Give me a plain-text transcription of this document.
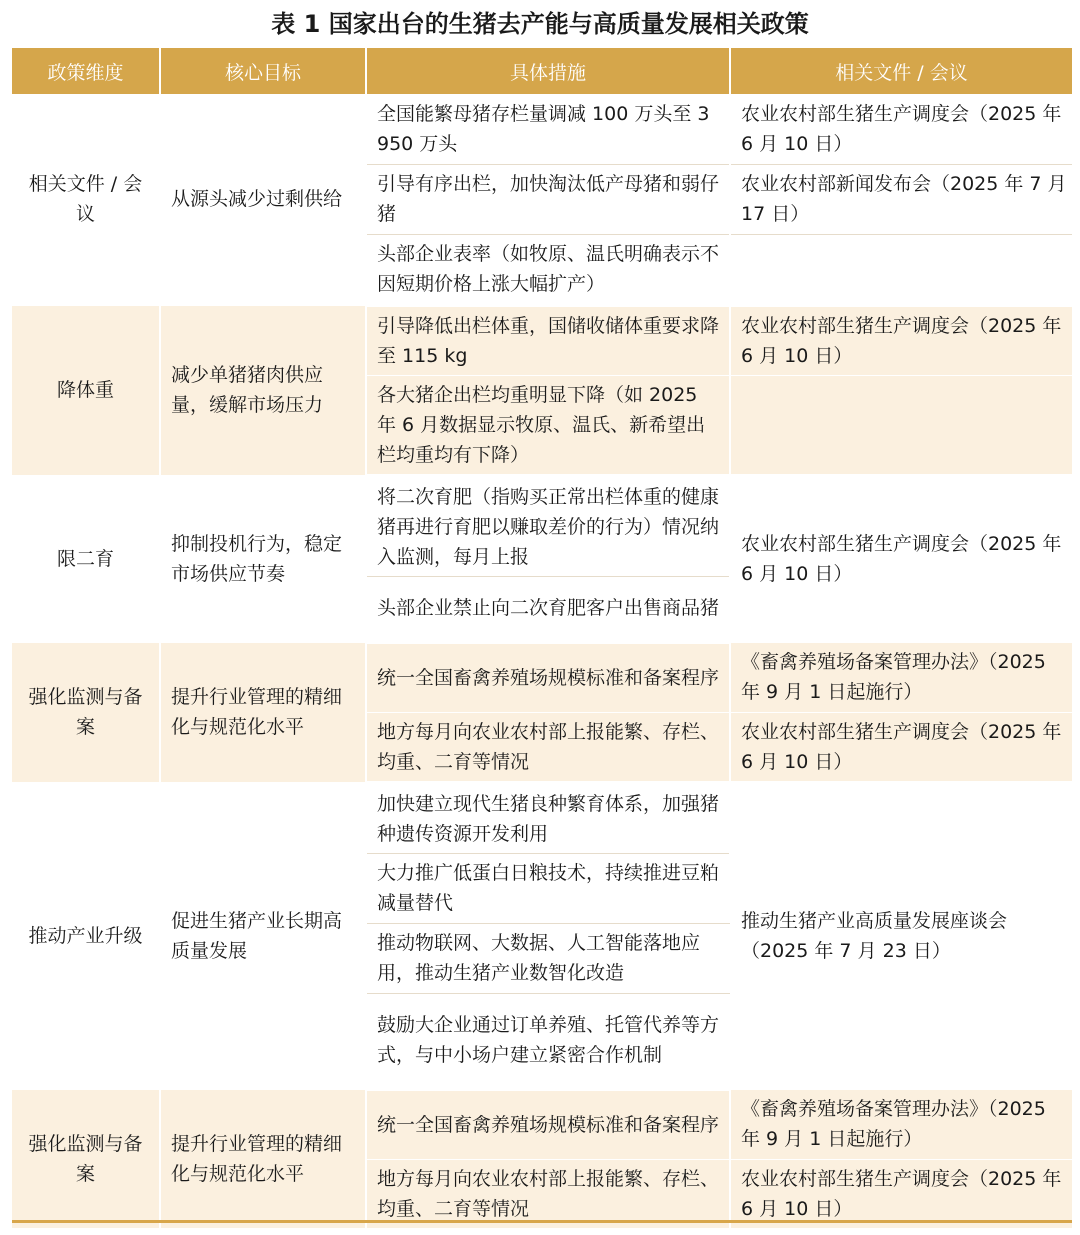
表 1 国家出台的生猪去产能与高质量发展相关政策
政策维度	核心目标	具体措施	相关文件 / 会议
相关文件 / 会议	从源头减少过剩供给	全国能繁母猪存栏量调减 100 万头至 3 950 万头	农业农村部生猪生产调度会（2025 年 6 月 10 日）
		引导有序出栏，加快淘汰低产母猪和弱仔猪	农业农村部新闻发布会（2025 年 7 月 17 日）
		头部企业表率（如牧原、温氏明确表示不因短期价格上涨大幅扩产）	
降体重	减少单猪猪肉供应量，缓解市场压力	引导降低出栏体重，国储收储体重要求降至 115 kg	农业农村部生猪生产调度会（2025 年 6 月 10 日）
		各大猪企出栏均重明显下降（如 2025 年 6 月数据显示牧原、温氏、新希望出栏均重均有下降）	
限二育	抑制投机行为，稳定市场供应节奏	将二次育肥（指购买正常出栏体重的健康猪再进行育肥以赚取差价的行为）情况纳入监测，每月上报	农业农村部生猪生产调度会（2025 年 6 月 10 日）
		头部企业禁止向二次育肥客户出售商品猪	
强化监测与备案	提升行业管理的精细化与规范化水平	统一全国畜禽养殖场规模标准和备案程序	《畜禽养殖场备案管理办法》（2025 年 9 月 1 日起施行）
		地方每月向农业农村部上报能繁、存栏、均重、二育等情况	农业农村部生猪生产调度会（2025 年 6 月 10 日）
推动产业升级	促进生猪产业长期高质量发展	加快建立现代生猪良种繁育体系，加强猪种遗传资源开发利用	推动生猪产业高质量发展座谈会（2025 年 7 月 23 日）
		大力推广低蛋白日粮技术，持续推进豆粕减量替代	
		推动物联网、大数据、人工智能落地应用，推动生猪产业数智化改造	
		鼓励大企业通过订单养殖、托管代养等方式，与中小场户建立紧密合作机制	
强化监测与备案	提升行业管理的精细化与规范化水平	统一全国畜禽养殖场规模标准和备案程序	《畜禽养殖场备案管理办法》（2025 年 9 月 1 日起施行）
		地方每月向农业农村部上报能繁、存栏、均重、二育等情况	农业农村部生猪生产调度会（2025 年 6 月 10 日）
